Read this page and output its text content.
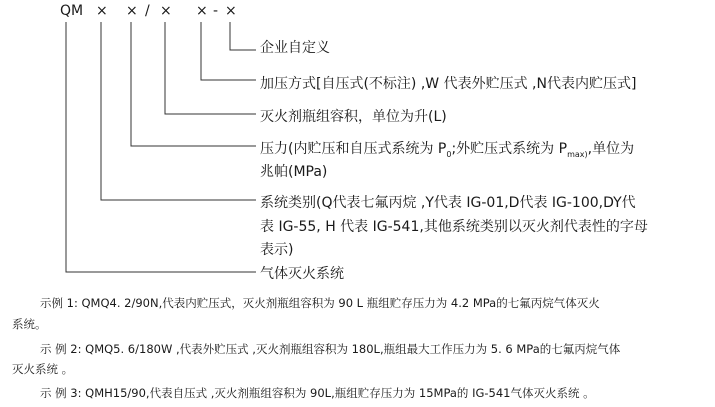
QM × × / × × - ×
企业自定义
加压方式[自压式(不标注) ,W 代表外贮压式 ,N代表内贮压式]
灭火剂瓶组容积，单位为升(L)
压力(内贮压和自压式系统为 $P_0$;外贮压式系统为 $P_{max)}$,单位为
兆帕(MPa)
系统类别(Q代表七氟丙烷 ,Y代表 IG-01,D代表 IG-100,DY代
表 IG-55, H 代表 IG-541,其他系统类别以灭火剂代表性的字母
表示)
气体灭火系统
示例 1: QMQ4. 2/90N,代表内贮压式，灭火剂瓶组容积为 90 L 瓶组贮存压力为 4.2 MPa的七氟丙烷气体灭火
系统。
示 例 2: QMQ5. 6/180W ,代表外贮压式 ,灭火剂瓶组容积为 180L,瓶组最大工作压力为 5. 6 MPa的七氟丙烷气体
灭火系统 。
示 例 3: QMH15/90,代表自压式 ,灭火剂瓶组容积为 90L,瓶组贮存压力为 15MPa的 IG-541气体灭火系统 。
